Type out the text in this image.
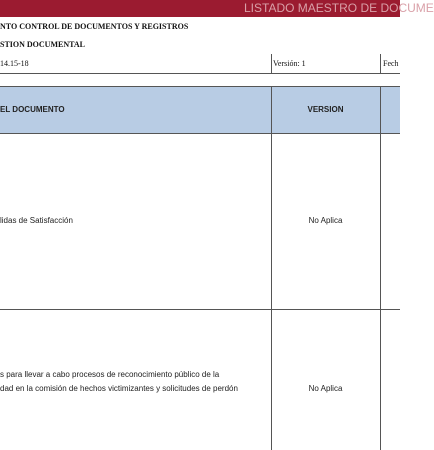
LISTADO MAESTRO DE DOCUME
NTO CONTROL DE DOCUMENTOS Y REGISTROS
STION DOCUMENTAL
14.15-18	Versión: 1	Fech
EL DOCUMENTO	VERSION
lidas de Satisfacción	No Aplica
s para llevar a cabo procesos de reconocimiento público de la
dad en la comisión de hechos victimizantes y solicitudes de perdón	No Aplica
